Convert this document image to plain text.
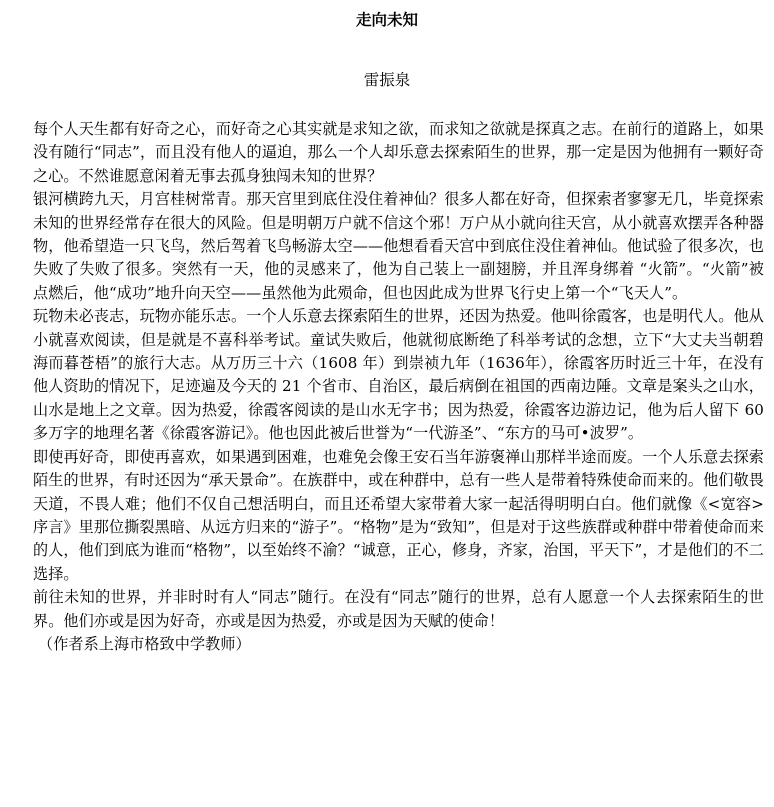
走向未知
雷振泉

每个人天生都有好奇之心，而好奇之心其实就是求知之欲，而求知之欲就是探真之志。在前行的道路上，如果没有随行“同志”，而且没有他人的逼迫，那么一个人却乐意去探索陌生的世界，那一定是因为他拥有一颗好奇之心。不然谁愿意闲着无事去孤身独闯未知的世界？

银河横跨九天，月宫桂树常青。那天宫里到底住没住着神仙？很多人都在好奇，但探索者寥寥无几，毕竟探索未知的世界经常存在很大的风险。但是明朝万户就不信这个邪！万户从小就向往天宫，从小就喜欢摆弄各种器物，他希望造一只飞鸟，然后驾着飞鸟畅游太空——他想看看天宫中到底住没住着神仙。他试验了很多次，也失败了失败了很多。突然有一天，他的灵感来了，他为自己装上一副翅膀，并且浑身绑着 “火箭”。“火箭”被点燃后，他“成功”地升向天空——虽然他为此殒命，但也因此成为世界飞行史上第一个“飞天人”。

玩物未必丧志，玩物亦能乐志。一个人乐意去探索陌生的世界，还因为热爱。他叫徐霞客，也是明代人。他从小就喜欢阅读，但是就是不喜科举考试。童试失败后，他就彻底断绝了科举考试的念想，立下“大丈夫当朝碧海而暮苍梧”的旅行大志。从万历三十六（1608 年）到崇祯九年（1636年），徐霞客历时近三十年，在没有他人资助的情况下，足迹遍及今天的 21 个省市、自治区，最后病倒在祖国的西南边陲。文章是案头之山水，山水是地上之文章。因为热爱，徐霞客阅读的是山水无字书；因为热爱，徐霞客边游边记，他为后人留下 60 多万字的地理名著《徐霞客游记》。他也因此被后世誉为“一代游圣”、“东方的马可•波罗”。

即使再好奇，即使再喜欢，如果遇到困难，也难免会像王安石当年游褒禅山那样半途而废。一个人乐意去探索陌生的世界，有时还因为“承天景命”。在族群中，或在种群中，总有一些人是带着特殊使命而来的。他们敬畏天道，不畏人难；他们不仅自己想活明白，而且还希望大家带着大家一起活得明明白白。他们就像《<宽容>序言》里那位撕裂黑暗、从远方归来的“游子”。“格物”是为“致知”，但是对于这些族群或种群中带着使命而来的人，他们到底为谁而“格物”，以至始终不渝？“诚意，正心，修身，齐家，治国，平天下”，才是他们的不二选择。

前往未知的世界，并非时时有人“同志”随行。在没有“同志”随行的世界，总有人愿意一个人去探索陌生的世界。他们亦或是因为好奇，亦或是因为热爱，亦或是因为天赋的使命！

（作者系上海市格致中学教师）
